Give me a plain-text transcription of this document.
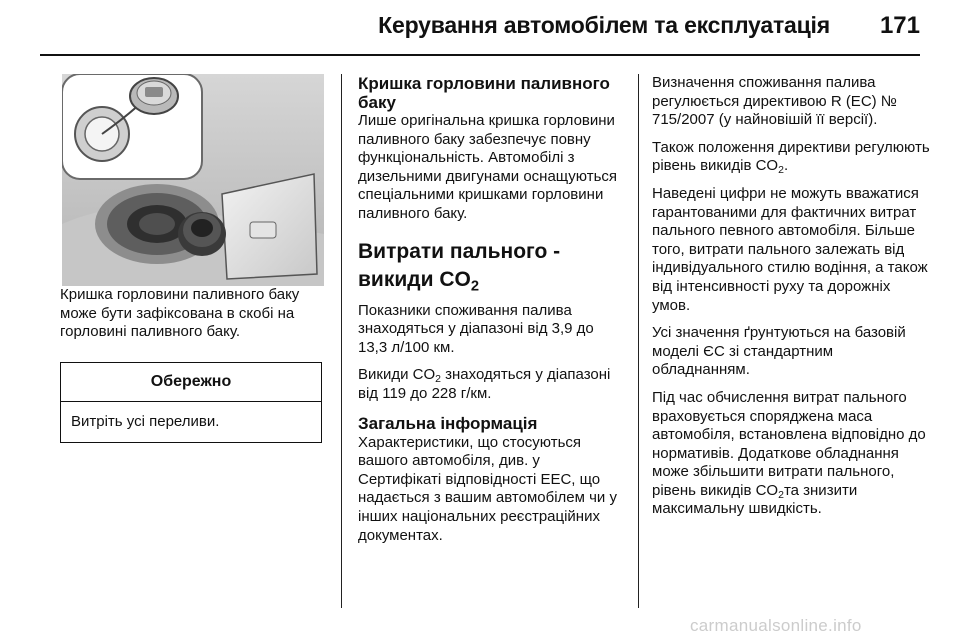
Керування автомобілем та експлуатація 171

Кришка горловини паливного баку може бути зафіксована в скобі на горловині паливного баку.

Обережно
Витріть усі переливи.
Кришка горловини паливного баку

Лише оригінальна кришка горловини паливного баку забезпечує повну функціональність. Автомобілі з дизельними двигунами оснащуються спеціальними кришками горловини паливного баку.

Витрати пального - викиди $CO_2$

Показники споживання палива знаходяться у діапазоні від 3,9 до 13,3 л/100 км.

Викиди $CO_2$ знаходяться у діапазоні від 119 до 228 г/км.

Загальна інформація

Характеристики, що стосуються вашого автомобіля, див. у Сертифікаті відповідності EEC, що надається з вашим автомобілем чи у інших національних реєстраційних документах.

Визначення споживання палива регулюється директивою R (EC) № 715/2007 (у найновішій її версії).

Також положення директиви регулюють рівень викидів $CO_2$.

Наведені цифри не можуть вважатися гарантованими для фактичних витрат пального певного автомобіля. Більше того, витрати пального залежать від індивідуального стилю водіння, а також від інтенсивності руху та дорожніх умов.

Усі значення ґрунтуються на базовій моделі ЄС зі стандартним обладнанням.

Під час обчислення витрат пального враховується споряджена маса автомобіля, встановлена відповідно до нормативів. Додаткове обладнання може збільшити витрати пального, рівень викидів $CO_2та$ знизити максимальну швидкість.

carmanualsonline.info
